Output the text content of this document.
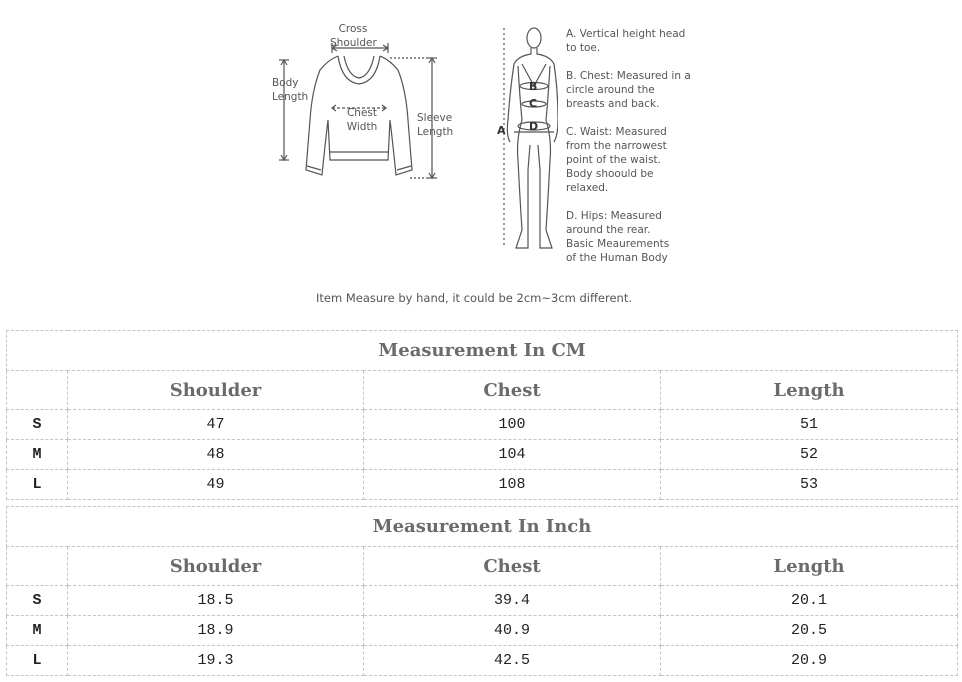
Cross
Shoulder
Body
Length
Chest
Width
Sleeve
Length
B
C
D
A
A. Vertical height head
to toe.
B. Chest: Measured in a
circle around the
breasts and back.
C. Waist: Measured
from the narrowest
point of the waist.
Body shoould be
relaxed.
D. Hips: Measured
around the rear.
Basic Meaurements
of the Human Body
Item Measure by hand, it could be 2cm~3cm different.
Measurement In CM			
	Shoulder	Chest	Length
S	47	100	51
M	48	104	52
L	49	108	53
Measurement In Inch			
	Shoulder	Chest	Length
S	18.5	39.4	20.1
M	18.9	40.9	20.5
L	19.3	42.5	20.9
